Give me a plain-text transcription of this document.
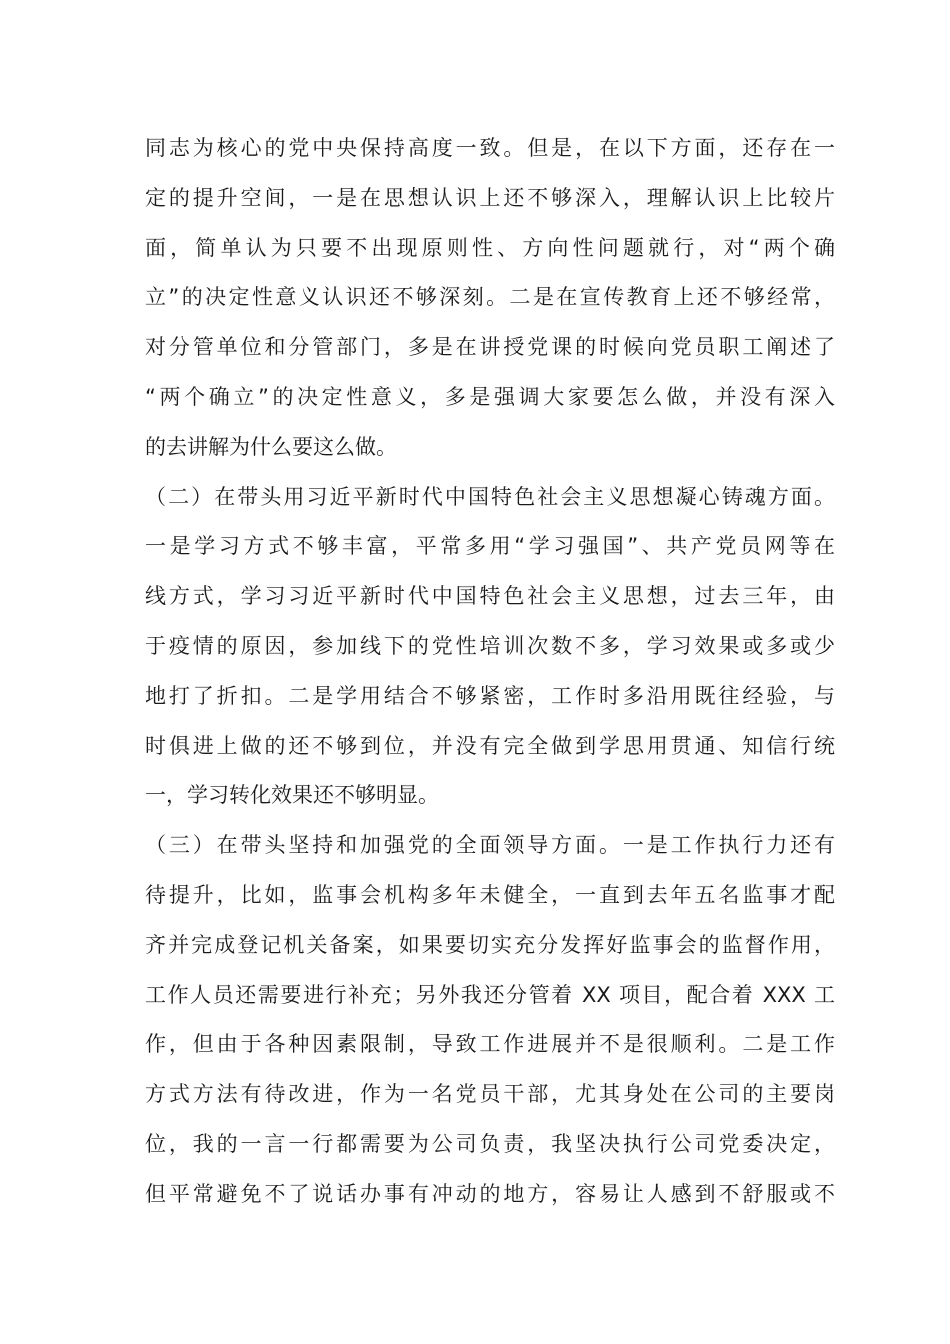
同志为核心的党中央保持高度一致。但是，在以下方面，还存在一
定的提升空间，一是在思想认识上还不够深入，理解认识上比较片
面，简单认为只要不出现原则性、方向性问题就行，对“两个确
立”的决定性意义认识还不够深刻。二是在宣传教育上还不够经常，
对分管单位和分管部门，多是在讲授党课的时候向党员职工阐述了
“两个确立”的决定性意义，多是强调大家要怎么做，并没有深入
的去讲解为什么要这么做。
（二）在带头用习近平新时代中国特色社会主义思想凝心铸魂方面。
一是学习方式不够丰富，平常多用“学习强国”、共产党员网等在
线方式，学习习近平新时代中国特色社会主义思想，过去三年，由
于疫情的原因，参加线下的党性培训次数不多，学习效果或多或少
地打了折扣。二是学用结合不够紧密，工作时多沿用既往经验，与
时俱进上做的还不够到位，并没有完全做到学思用贯通、知信行统
一，学习转化效果还不够明显。
（三）在带头坚持和加强党的全面领导方面。一是工作执行力还有
待提升，比如，监事会机构多年未健全，一直到去年五名监事才配
齐并完成登记机关备案，如果要切实充分发挥好监事会的监督作用，
工作人员还需要进行补充；另外我还分管着 XX 项目，配合着 XXX 工
作，但由于各种因素限制，导致工作进展并不是很顺利。二是工作
方式方法有待改进，作为一名党员干部，尤其身处在公司的主要岗
位，我的一言一行都需要为公司负责，我坚决执行公司党委决定，
但平常避免不了说话办事有冲动的地方，容易让人感到不舒服或不
